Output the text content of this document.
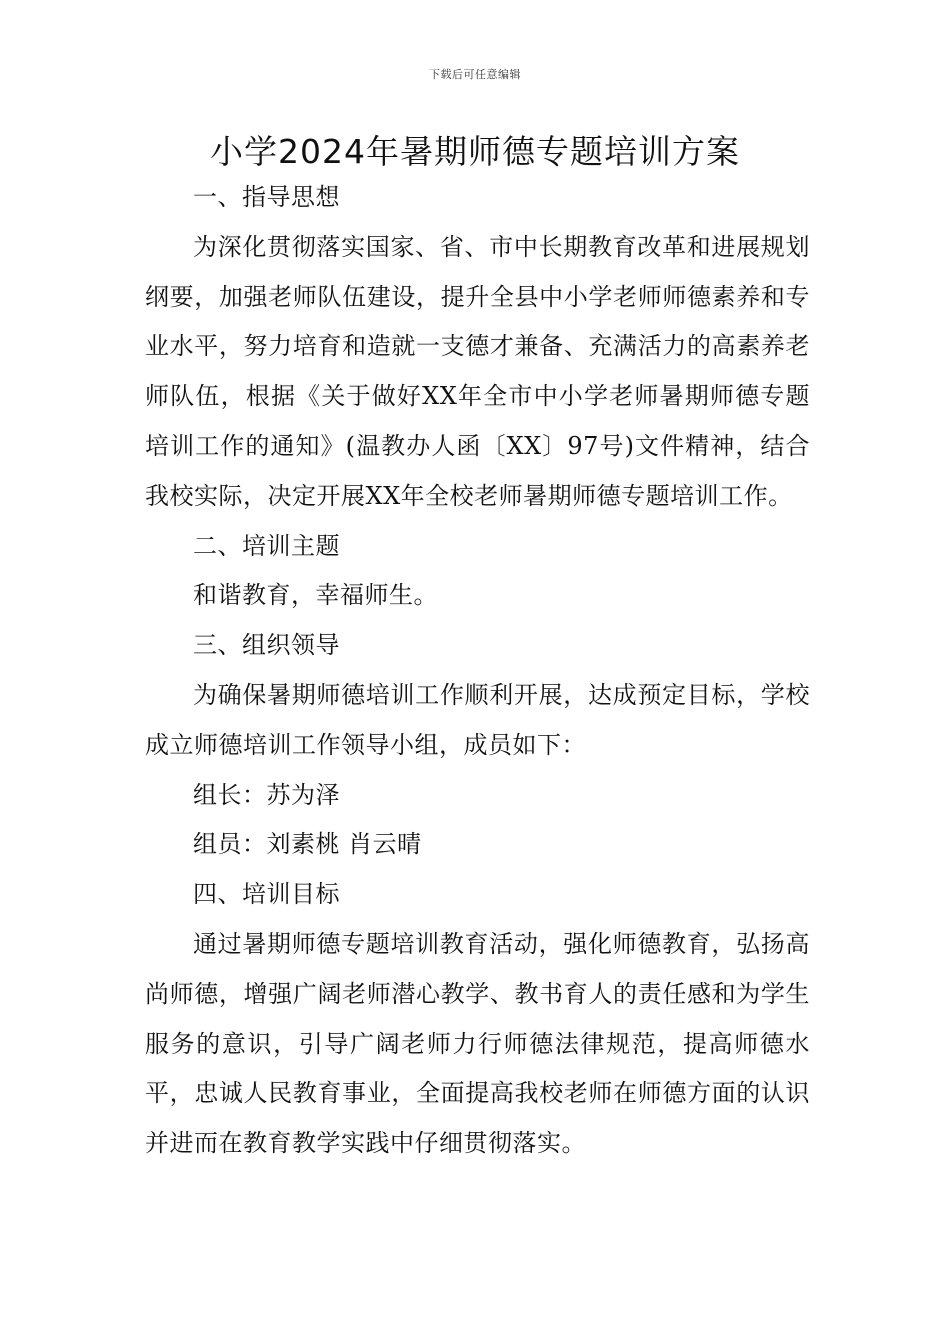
下载后可任意编辑
小学2024年暑期师德专题培训方案

一、指导思想

为深化贯彻落实国家、省、市中长期教育改革和进展规划纲要，加强老师队伍建设，提升全县中小学老师师德素养和专业水平，努力培育和造就一支德才兼备、充满活力的高素养老师队伍，根据《关于做好XX年全市中小学老师暑期师德专题培训工作的通知》(温教办人函〔XX〕97号)文件精神，结合我校实际，决定开展XX年全校老师暑期师德专题培训工作。

二、培训主题

和谐教育，幸福师生。

三、组织领导

为确保暑期师德培训工作顺利开展，达成预定目标，学校成立师德培训工作领导小组，成员如下：

组长：苏为泽

组员：刘素桃 肖云晴

四、培训目标

通过暑期师德专题培训教育活动，强化师德教育，弘扬高尚师德，增强广阔老师潜心教学、教书育人的责任感和为学生服务的意识，引导广阔老师力行师德法律规范，提高师德水平，忠诚人民教育事业，全面提高我校老师在师德方面的认识并进而在教育教学实践中仔细贯彻落实。
